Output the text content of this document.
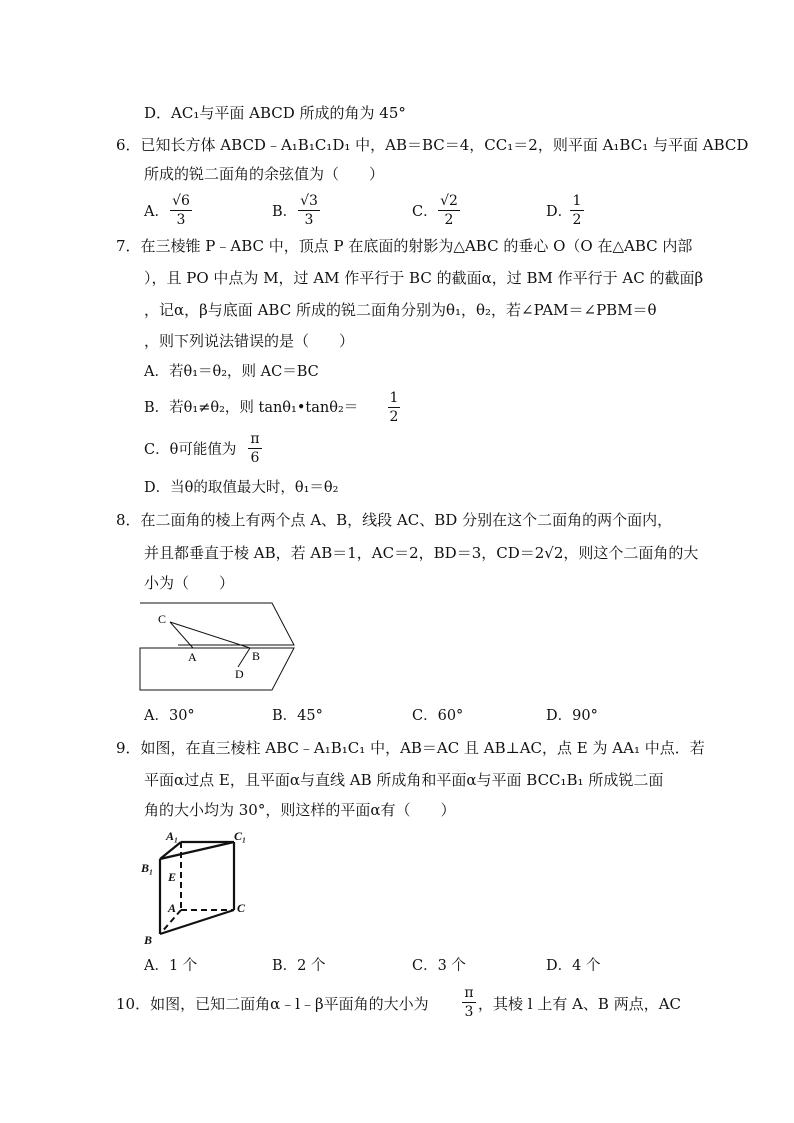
D．AC₁与平面 ABCD 所成的角为 45°
6．已知长方体 ABCD﹣A₁B₁C₁D₁ 中，AB＝BC＝4，CC₁＝2，则平面 A₁BC₁ 与平面 ABCD
所成的锐二面角的余弦值为（　　）
A．
√6
3	B．
√3
3	C．
√2
2	D．
1
2
7．在三棱锥 P﹣ABC 中，顶点 P 在底面的射影为△ABC 的垂心 O（O 在△ABC 内部
），且 PO 中点为 M，过 AM 作平行于 BC 的截面α，过 BM 作平行于 AC 的截面β
，记α，β与底面 ABC 所成的锐二面角分别为θ₁，θ₂，若∠PAM＝∠PBM＝θ
，则下列说法错误的是（　　）
A．若θ₁＝θ₂，则 AC＝BC
B．若θ₁≠θ₂，则 tanθ₁•tanθ₂＝
1
2
C．θ可能值为
π
6
D．当θ的取值最大时，θ₁＝θ₂
8．在二面角的棱上有两个点 A、B，线段 AC、BD 分别在这个二面角的两个面内，
并且都垂直于棱 AB，若 AB＝1，AC＝2，BD＝3，CD＝2√2，则这个二面角的大
小为（　　）
C
A	B
D
A．30°	B．45°	C．60°	D．90°
9．如图，在直三棱柱 ABC﹣A₁B₁C₁ 中，AB＝AC 且 AB⊥AC，点 E 为 AA₁ 中点．若
平面α过点 E，且平面α与直线 AB 所成角和平面α与平面 BCC₁B₁ 所成锐二面
角的大小均为 30°，则这样的平面α有（　　）
A₁	C₁
B₁
E
A	C
B
A．1 个	B．2 个	C．3 个	D．4 个
10．如图，已知二面角α﹣l﹣β平面角的大小为
π
3 ，其棱 l 上有 A、B 两点，AC
